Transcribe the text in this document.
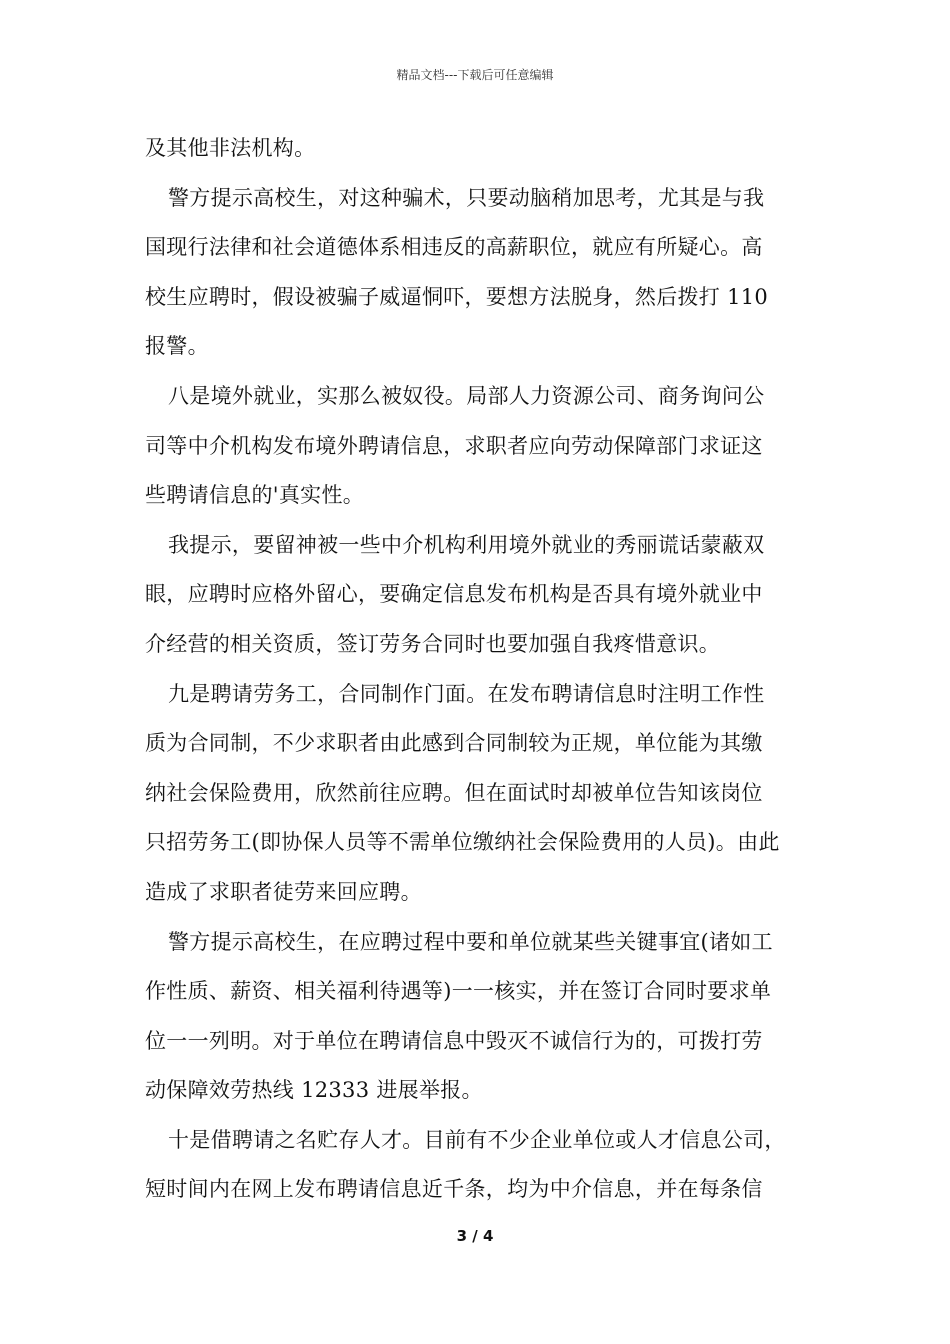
精品文档---下载后可任意编辑
及其他非法机构。
警方提示高校生，对这种骗术，只要动脑稍加思考，尤其是与我
国现行法律和社会道德体系相违反的高薪职位，就应有所疑心。高
校生应聘时，假设被骗子威逼恫吓，要想方法脱身，然后拨打 110
报警。
八是境外就业，实那么被奴役。局部人力资源公司、商务询问公
司等中介机构发布境外聘请信息，求职者应向劳动保障部门求证这
些聘请信息的'真实性。
我提示，要留神被一些中介机构利用境外就业的秀丽谎话蒙蔽双
眼，应聘时应格外留心，要确定信息发布机构是否具有境外就业中
介经营的相关资质，签订劳务合同时也要加强自我疼惜意识。
九是聘请劳务工，合同制作门面。在发布聘请信息时注明工作性
质为合同制，不少求职者由此感到合同制较为正规，单位能为其缴
纳社会保险费用，欣然前往应聘。但在面试时却被单位告知该岗位
只招劳务工(即协保人员等不需单位缴纳社会保险费用的人员)。由此
造成了求职者徒劳来回应聘。
警方提示高校生，在应聘过程中要和单位就某些关键事宜(诸如工
作性质、薪资、相关福利待遇等)一一核实，并在签订合同时要求单
位一一列明。对于单位在聘请信息中毁灭不诚信行为的，可拨打劳
动保障效劳热线 12333 进展举报。
十是借聘请之名贮存人才。目前有不少企业单位或人才信息公司，
短时间内在网上发布聘请信息近千条，均为中介信息，并在每条信
3 / 4
